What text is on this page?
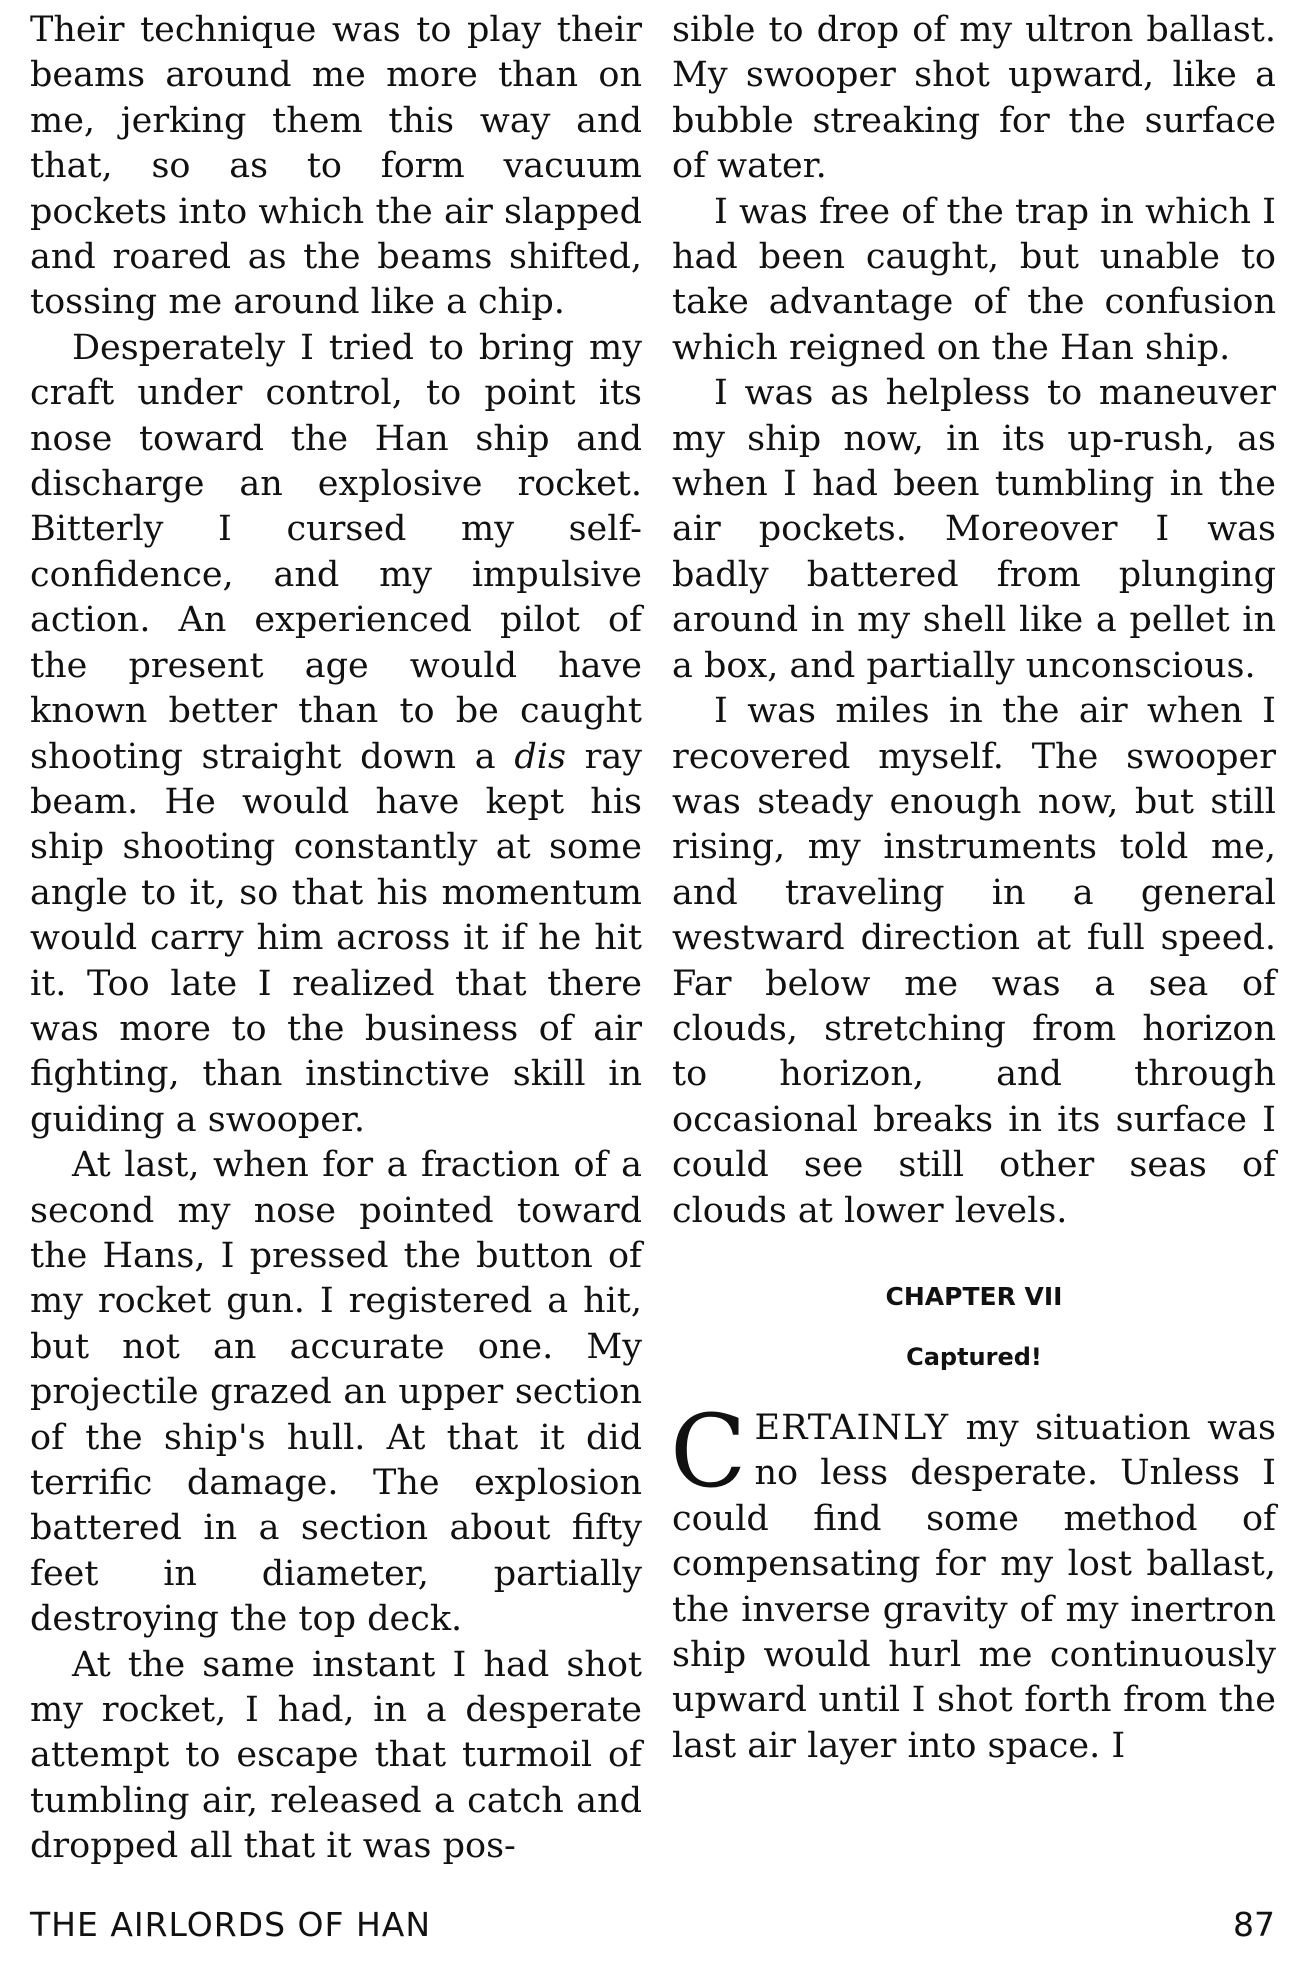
Their technique was to play their beams around me more than on me, jerking them this way and that, so as to form vacuum pockets into which the air slapped and roared as the beams shifted, tossing me around like a chip.

Desperately I tried to bring my craft under control, to point its nose toward the Han ship and discharge an explosive rocket. Bitterly I cursed my self-confidence, and my impulsive action. An experienced pilot of the present age would have known better than to be caught shooting straight down a dis ray beam. He would have kept his ship shooting constantly at some angle to it, so that his momentum would carry him across it if he hit it. Too late I realized that there was more to the business of air fighting, than instinctive skill in guiding a swooper.

At last, when for a fraction of a second my nose pointed toward the Hans, I pressed the button of my rocket gun. I registered a hit, but not an accurate one. My projectile grazed an upper section of the ship's hull. At that it did terrific damage. The explosion battered in a section about fifty feet in diameter, partially destroying the top deck.

At the same instant I had shot my rocket, I had, in a desperate attempt to escape that turmoil of tumbling air, released a catch and dropped all that it was pos-

sible to drop of my ultron ballast. My swooper shot upward, like a bubble streaking for the surface of water.

I was free of the trap in which I had been caught, but unable to take advantage of the confusion which reigned on the Han ship.

I was as helpless to maneuver my ship now, in its up-rush, as when I had been tumbling in the air pockets. Moreover I was badly battered from plunging around in my shell like a pellet in a box, and partially unconscious.

I was miles in the air when I recovered myself. The swooper was steady enough now, but still rising, my instruments told me, and traveling in a general westward direction at full speed. Far below me was a sea of clouds, stretching from horizon to horizon, and through occasional breaks in its surface I could see still other seas of clouds at lower levels.

CHAPTER VII
Captured!

CERTAINLY my situation was no less desperate. Unless I could find some method of compensating for my lost ballast, the inverse gravity of my inertron ship would hurl me continuously upward until I shot forth from the last air layer into space. I

THE AIRLORDS OF HAN	87
